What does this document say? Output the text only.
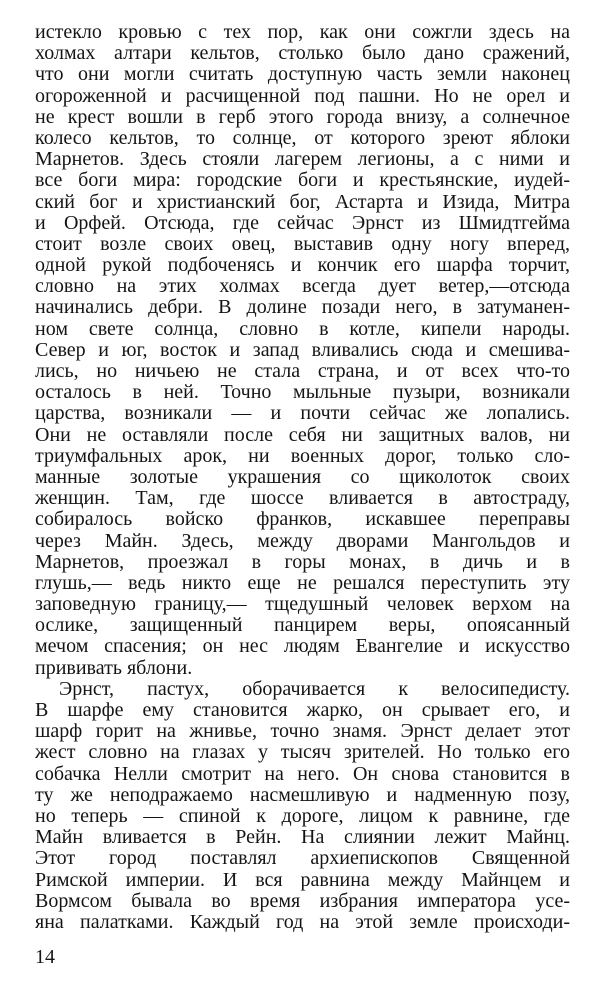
истекло кровью с тех пор, как они сожгли здесь на
холмах алтари кельтов, столько было дано сражений,
что они могли считать доступную часть земли наконец
огороженной и расчищенной под пашни. Но не орел и
не крест вошли в герб этого города внизу, а солнечное
колесо кельтов, то солнце, от которого зреют яблоки
Марнетов. Здесь стояли лагерем легионы, а с ними и
все боги мира: городские боги и крестьянские, иудей-
ский бог и христианский бог, Астарта и Изида, Митра
и Орфей. Отсюда, где сейчас Эрнст из Шмидтгейма
стоит возле своих овец, выставив одну ногу вперед,
одной рукой подбоченясь и кончик его шарфа торчит,
словно на этих холмах всегда дует ветер,—отсюда
начинались дебри. В долине позади него, в затуманен-
ном свете солнца, словно в котле, кипели народы.
Север и юг, восток и запад вливались сюда и смешива-
лись, но ничьею не стала страна, и от всех что-то
осталось в ней. Точно мыльные пузыри, возникали
царства, возникали — и почти сейчас же лопались.
Они не оставляли после себя ни защитных валов, ни
триумфальных арок, ни военных дорог, только сло-
манные золотые украшения со щиколоток своих
женщин. Там, где шоссе вливается в автостраду,
собиралось войско франков, искавшее переправы
через Майн. Здесь, между дворами Мангольдов и
Марнетов, проезжал в горы монах, в дичь и в
глушь,— ведь никто еще не решался переступить эту
заповедную границу,— тщедушный человек верхом на
ослике, защищенный панцирем веры, опоясанный
мечом спасения; он нес людям Евангелие и искусство
прививать яблони.
Эрнст, пастух, оборачивается к велосипедисту.
В шарфе ему становится жарко, он срывает его, и
шарф горит на жнивье, точно знамя. Эрнст делает этот
жест словно на глазах у тысяч зрителей. Но только его
собачка Нелли смотрит на него. Он снова становится в
ту же неподражаемо насмешливую и надменную позу,
но теперь — спиной к дороге, лицом к равнине, где
Майн вливается в Рейн. На слиянии лежит Майнц.
Этот город поставлял архиепископов Священной
Римской империи. И вся равнина между Майнцем и
Вормсом бывала во время избрания императора усе-
яна палатками. Каждый год на этой земле происходи-
14
